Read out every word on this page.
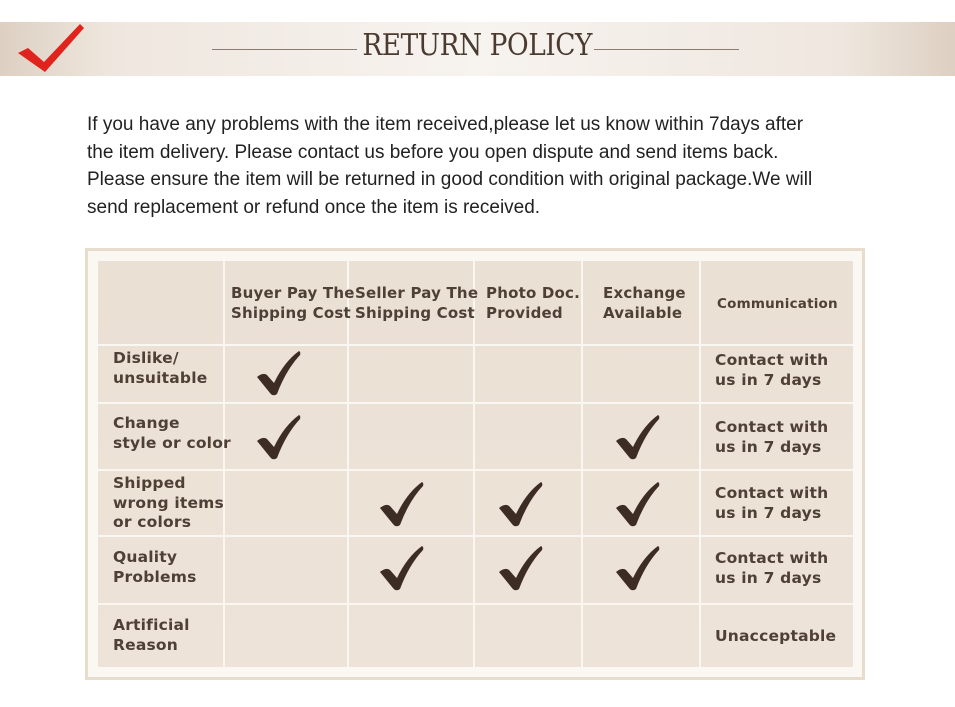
RETURN POLICY

If you have any problems with the item received,please let us know within 7days after
the item delivery. Please contact us before you open dispute and send items back.
Please ensure the item will be returned in good condition with original package.We will
send replacement or refund once the item is received.

Buyer Pay The
Shipping Cost
Seller Pay The
Shipping Cost
Photo Doc.
Provided
Exchange
Available	Communication
Dislike/
unsuitable
Contact with
us in 7 days
Change
style or color
Contact with
us in 7 days
Shipped
wrong items
or colors
Contact with
us in 7 days
Quality
Problems
Contact with
us in 7 days
Artificial
Reason	Unacceptable
